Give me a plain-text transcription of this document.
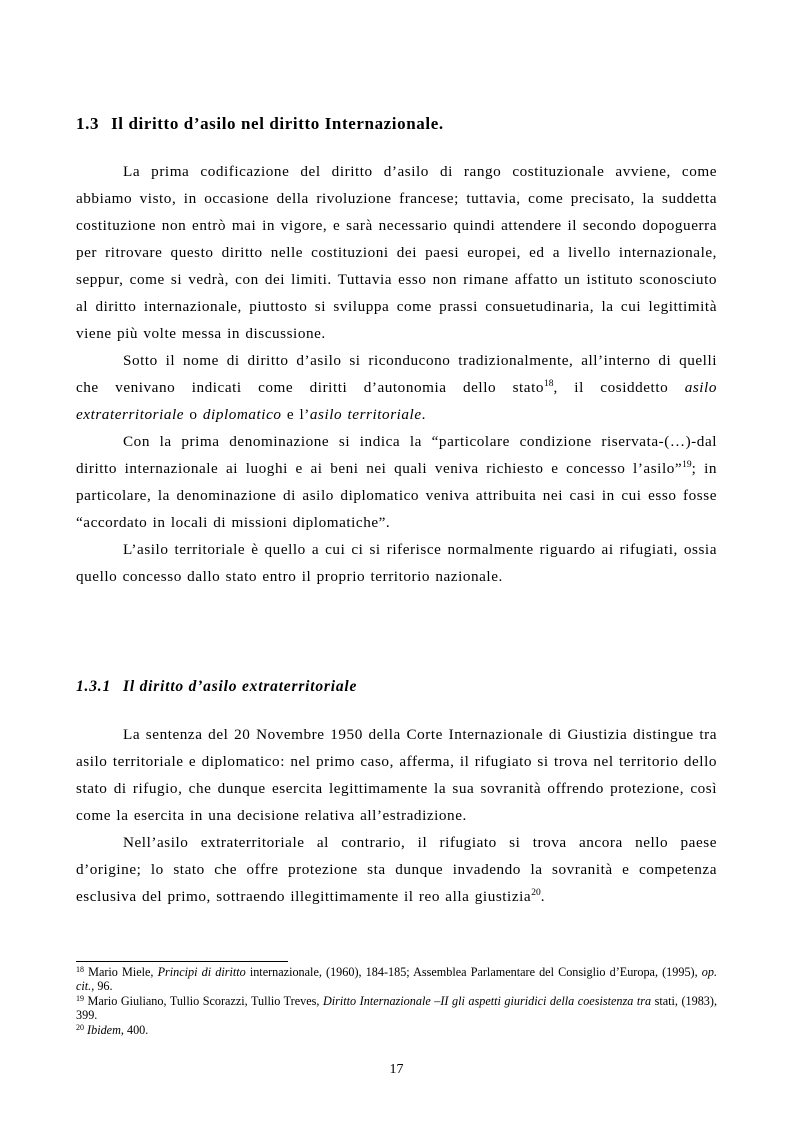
1.3 Il diritto d’asilo nel diritto Internazionale.

La prima codificazione del diritto d’asilo di rango costituzionale avviene, come abbiamo visto, in occasione della rivoluzione francese; tuttavia, come precisato, la suddetta costituzione non entrò mai in vigore, e sarà necessario quindi attendere il secondo dopoguerra per ritrovare questo diritto nelle costituzioni dei paesi europei, ed a livello internazionale, seppur, come si vedrà, con dei limiti. Tuttavia esso non rimane affatto un istituto sconosciuto al diritto internazionale, piuttosto si sviluppa come prassi consuetudinaria, la cui legittimità viene più volte messa in discussione.

Sotto il nome di diritto d’asilo si riconducono tradizionalmente, all’interno di quelli che venivano indicati come diritti d’autonomia dello stato$^{18}$, il cosiddetto asilo extraterritoriale o diplomatico e l’asilo territoriale.

Con la prima denominazione si indica la “particolare condizione riservata-(…)-dal diritto internazionale ai luoghi e ai beni nei quali veniva richiesto e concesso l’asilo”$^{19}$; in particolare, la denominazione di asilo diplomatico veniva attribuita nei casi in cui esso fosse “accordato in locali di missioni diplomatiche”.

L’asilo territoriale è quello a cui ci si riferisce normalmente riguardo ai rifugiati, ossia quello concesso dallo stato entro il proprio territorio nazionale.

1.3.1 Il diritto d’asilo extraterritoriale

La sentenza del 20 Novembre 1950 della Corte Internazionale di Giustizia distingue tra asilo territoriale e diplomatico: nel primo caso, afferma, il rifugiato si trova nel territorio dello stato di rifugio, che dunque esercita legittimamente la sua sovranità offrendo protezione, così come la esercita in una decisione relativa all’estradizione.

Nell’asilo extraterritoriale al contrario, il rifugiato si trova ancora nello paese d’origine; lo stato che offre protezione sta dunque invadendo la sovranità e competenza esclusiva del primo, sottraendo illegittimamente il reo alla giustizia$^{20}$.

$^{18}$ Mario Miele, Principi di diritto internazionale, (1960), 184-185; Assemblea Parlamentare del Consiglio d’Europa, (1995), op. cit., 96.
$^{19}$ Mario Giuliano, Tullio Scorazzi, Tullio Treves, Diritto Internazionale –II gli aspetti giuridici della coesistenza tra stati, (1983), 399.
$^{20}$ Ibidem, 400.
17
